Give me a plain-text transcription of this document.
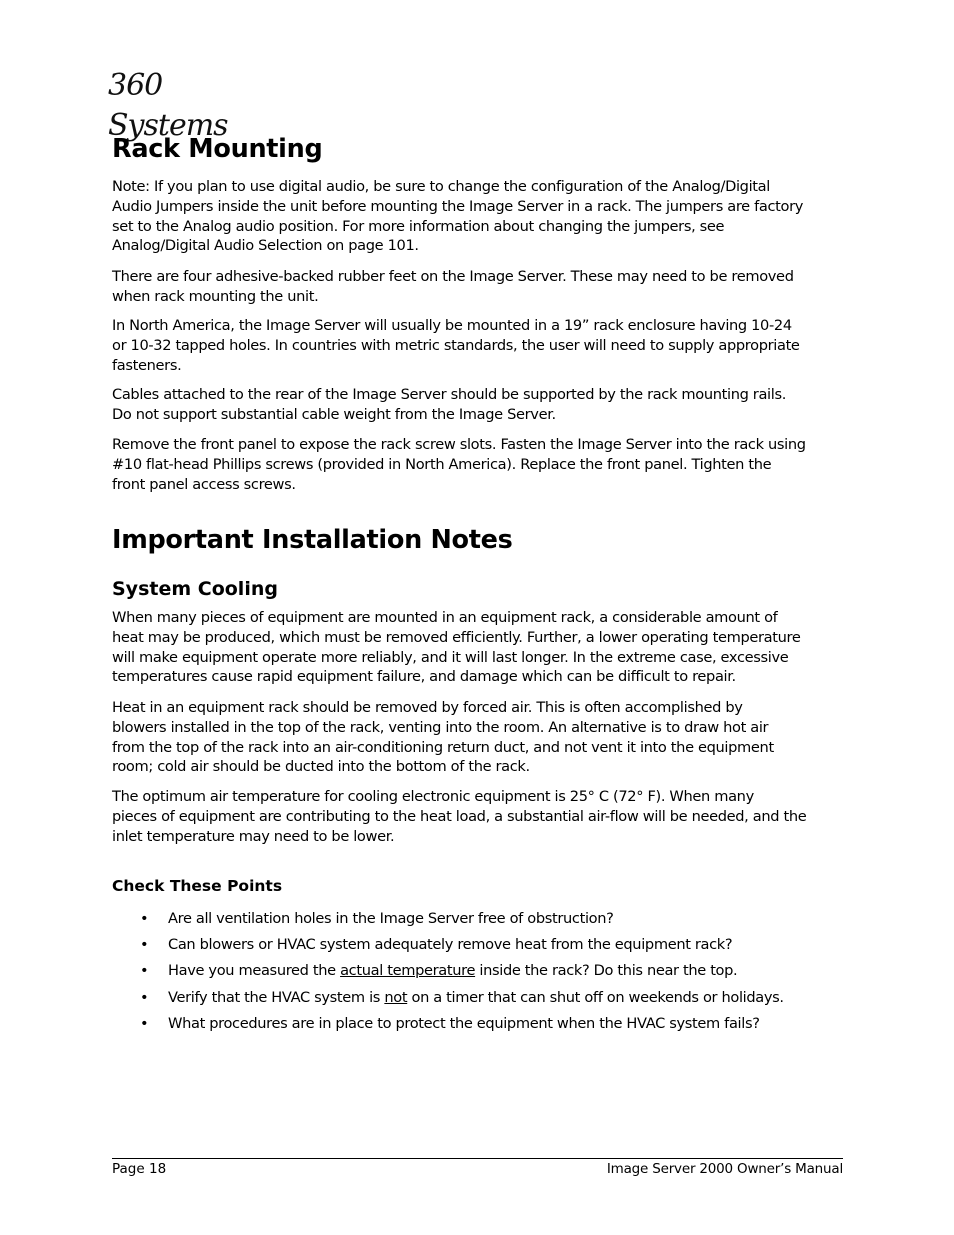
360 Systems
Rack Mounting

Note: If you plan to use digital audio, be sure to change the configuration of the Analog/Digital
Audio Jumpers inside the unit before mounting the Image Server in a rack. The jumpers are factory
set to the Analog audio position. For more information about changing the jumpers, see
Analog/Digital Audio Selection on page 101.

There are four adhesive-backed rubber feet on the Image Server. These may need to be removed
when rack mounting the unit.

In North America, the Image Server will usually be mounted in a 19” rack enclosure having 10-24
or 10-32 tapped holes. In countries with metric standards, the user will need to supply appropriate
fasteners.

Cables attached to the rear of the Image Server should be supported by the rack mounting rails.
Do not support substantial cable weight from the Image Server.

Remove the front panel to expose the rack screw slots. Fasten the Image Server into the rack using
#10 flat-head Phillips screws (provided in North America). Replace the front panel. Tighten the
front panel access screws.

Important Installation Notes
System Cooling

When many pieces of equipment are mounted in an equipment rack, a considerable amount of
heat may be produced, which must be removed efficiently. Further, a lower operating temperature
will make equipment operate more reliably, and it will last longer. In the extreme case, excessive
temperatures cause rapid equipment failure, and damage which can be difficult to repair.

Heat in an equipment rack should be removed by forced air. This is often accomplished by
blowers installed in the top of the rack, venting into the room. An alternative is to draw hot air
from the top of the rack into an air-conditioning return duct, and not vent it into the equipment
room; cold air should be ducted into the bottom of the rack.

The optimum air temperature for cooling electronic equipment is 25° C (72° F). When many
pieces of equipment are contributing to the heat load, a substantial air-flow will be needed, and the
inlet temperature may need to be lower.

Check These Points
• Are all ventilation holes in the Image Server free of obstruction?
• Can blowers or HVAC system adequately remove heat from the equipment rack?
• Have you measured the actual temperature inside the rack? Do this near the top.
• Verify that the HVAC system is not on a timer that can shut off on weekends or holidays.
• What procedures are in place to protect the equipment when the HVAC system fails?
Page 18	Image Server 2000 Owner’s Manual
